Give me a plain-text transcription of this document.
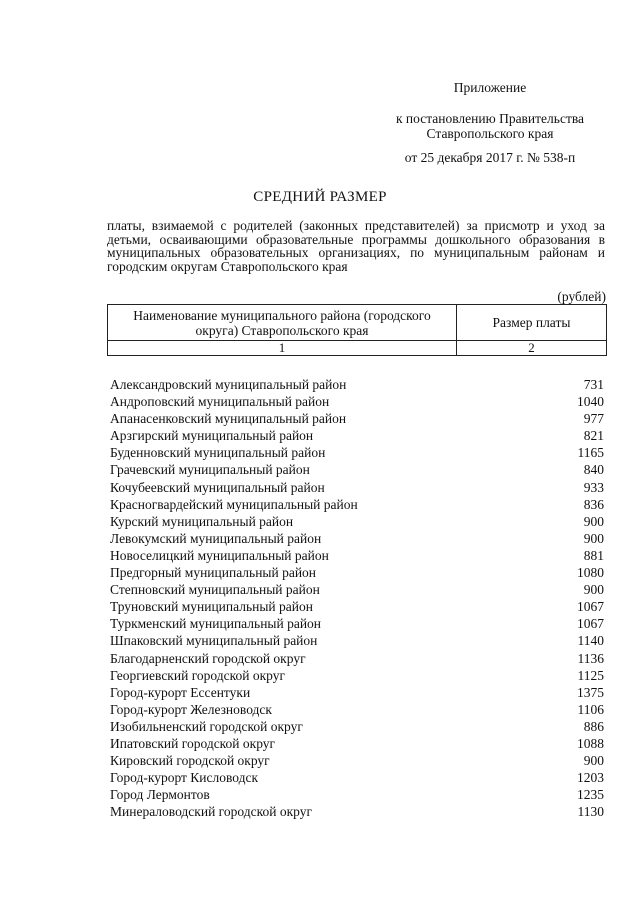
Приложение
к постановлению Правительства
Ставропольского края
от 25 декабря 2017 г. № 538-п
СРЕДНИЙ РАЗМЕР
платы, взимаемой с родителей (законных представителей) за присмотр и уход за детьми, осваивающими образовательные программы дошкольного образования в муниципальных образовательных организациях, по муниципальным районам и городским округам Ставропольского края
(рублей)
Наименование муниципального района (городского округа) Ставропольского края	Размер платы
1	2
Александровский муниципальный район	731
Андроповский муниципальный район	1040
Апанасенковский муниципальный район	977
Арзгирский муниципальный район	821
Буденновский муниципальный район	1165
Грачевский муниципальный район	840
Кочубеевский муниципальный район	933
Красногвардейский муниципальный район	836
Курский муниципальный район	900
Левокумский муниципальный район	900
Новоселицкий муниципальный район	881
Предгорный муниципальный район	1080
Степновский муниципальный район	900
Труновский муниципальный район	1067
Туркменский муниципальный район	1067
Шпаковский муниципальный район	1140
Благодарненский городской округ	1136
Георгиевский городской округ	1125
Город-курорт Ессентуки	1375
Город-курорт Железноводск	1106
Изобильненский городской округ	886
Ипатовский городской округ	1088
Кировский городской округ	900
Город-курорт Кисловодск	1203
Город Лермонтов	1235
Минераловодский городской округ	1130
